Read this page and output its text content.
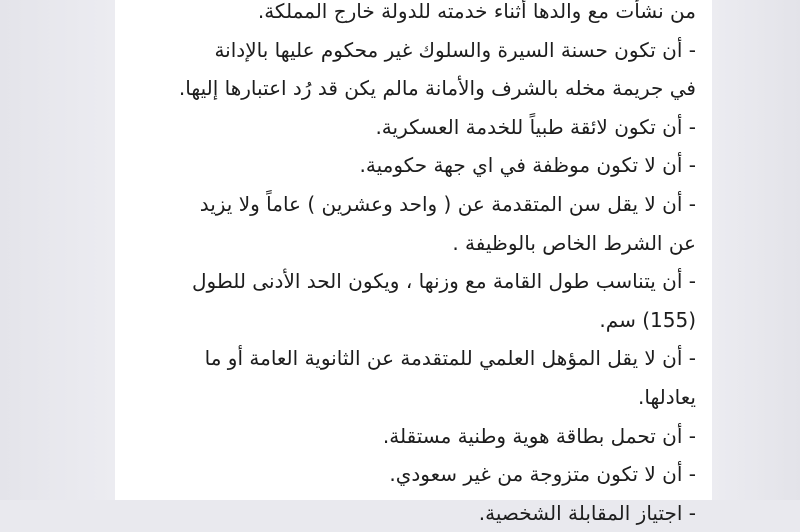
من نشأت مع والدها أثناء خدمته للدولة خارج المملكة.
- أن تكون حسنة السيرة والسلوك غير محكوم عليها بالإدانة
في جريمة مخله بالشرف والأمانة مالم يكن قد رُد اعتبارها إليها.
- أن تكون لائقة طبياً للخدمة العسكرية.
- أن لا تكون موظفة في اي جهة حكومية.
- أن لا يقل سن المتقدمة عن ( واحد وعشرين ) عاماً ولا يزيد
عن الشرط الخاص بالوظيفة .
- أن يتناسب طول القامة مع وزنها ، ويكون الحد الأدنى للطول
(155) سم.
- أن لا يقل المؤهل العلمي للمتقدمة عن الثانوية العامة أو ما
يعادلها.
- أن تحمل بطاقة هوية وطنية مستقلة.
- أن لا تكون متزوجة من غير سعودي.
- اجتياز المقابلة الشخصية.
